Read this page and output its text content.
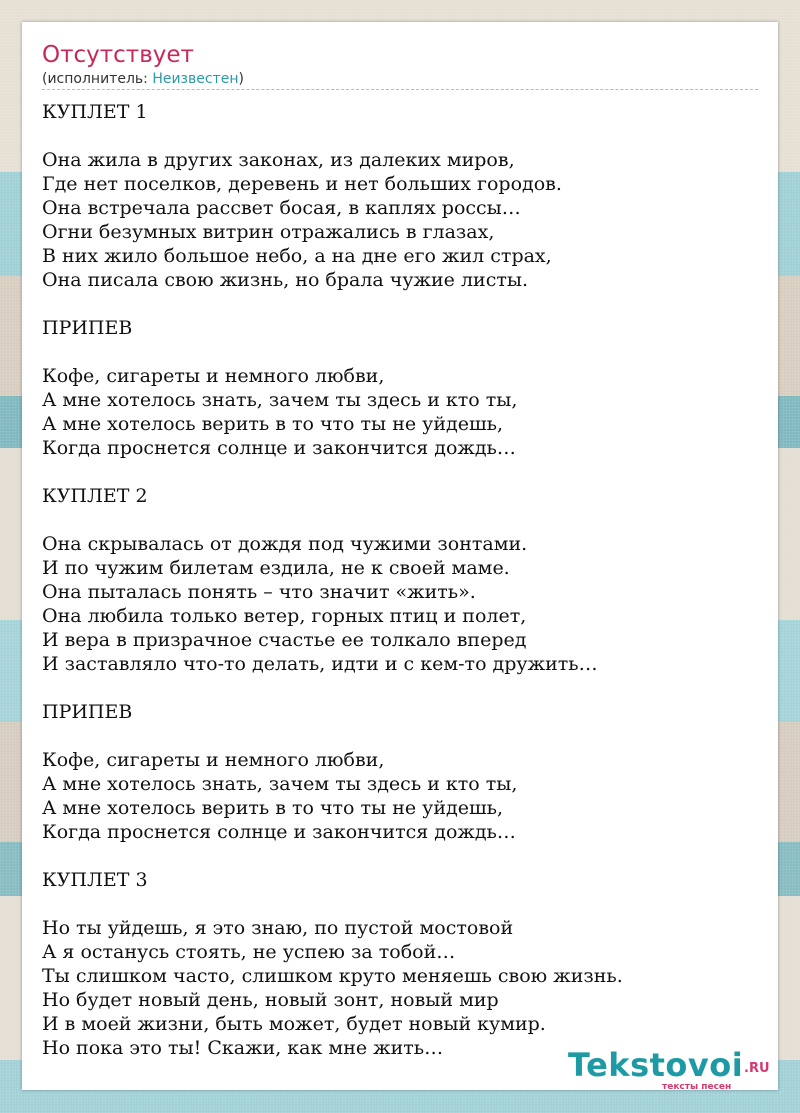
Отсутствует
(исполнитель: Неизвестен)
КУПЛЕТ 1
Она жила в других законах, из далеких миров,
Где нет поселков, деревень и нет больших городов.
Она встречала рассвет босая, в каплях россы…
Огни безумных витрин отражались в глазах,
В них жило большое небо, а на дне его жил страх,
Она писала свою жизнь, но брала чужие листы.
ПРИПЕВ
Кофе, сигареты и немного любви,
А мне хотелось знать, зачем ты здесь и кто ты,
А мне хотелось верить в то что ты не уйдешь,
Когда проснется солнце и закончится дождь…
КУПЛЕТ 2
Она скрывалась от дождя под чужими зонтами.
И по чужим билетам ездила, не к своей маме.
Она пыталась понять – что значит «жить».
Она любила только ветер, горных птиц и полет,
И вера в призрачное счастье ее толкало вперед
И заставляло что-то делать, идти и с кем-то дружить…
ПРИПЕВ
Кофе, сигареты и немного любви,
А мне хотелось знать, зачем ты здесь и кто ты,
А мне хотелось верить в то что ты не уйдешь,
Когда проснется солнце и закончится дождь…
КУПЛЕТ 3
Но ты уйдешь, я это знаю, по пустой мостовой
А я останусь стоять, не успею за тобой…
Ты слишком часто, слишком круто меняешь свою жизнь.
Но будет новый день, новый зонт, новый мир
И в моей жизни, быть может, будет новый кумир.
Но пока это ты! Скажи, как мне жить…	Tekstovoi .RU
тексты песен
